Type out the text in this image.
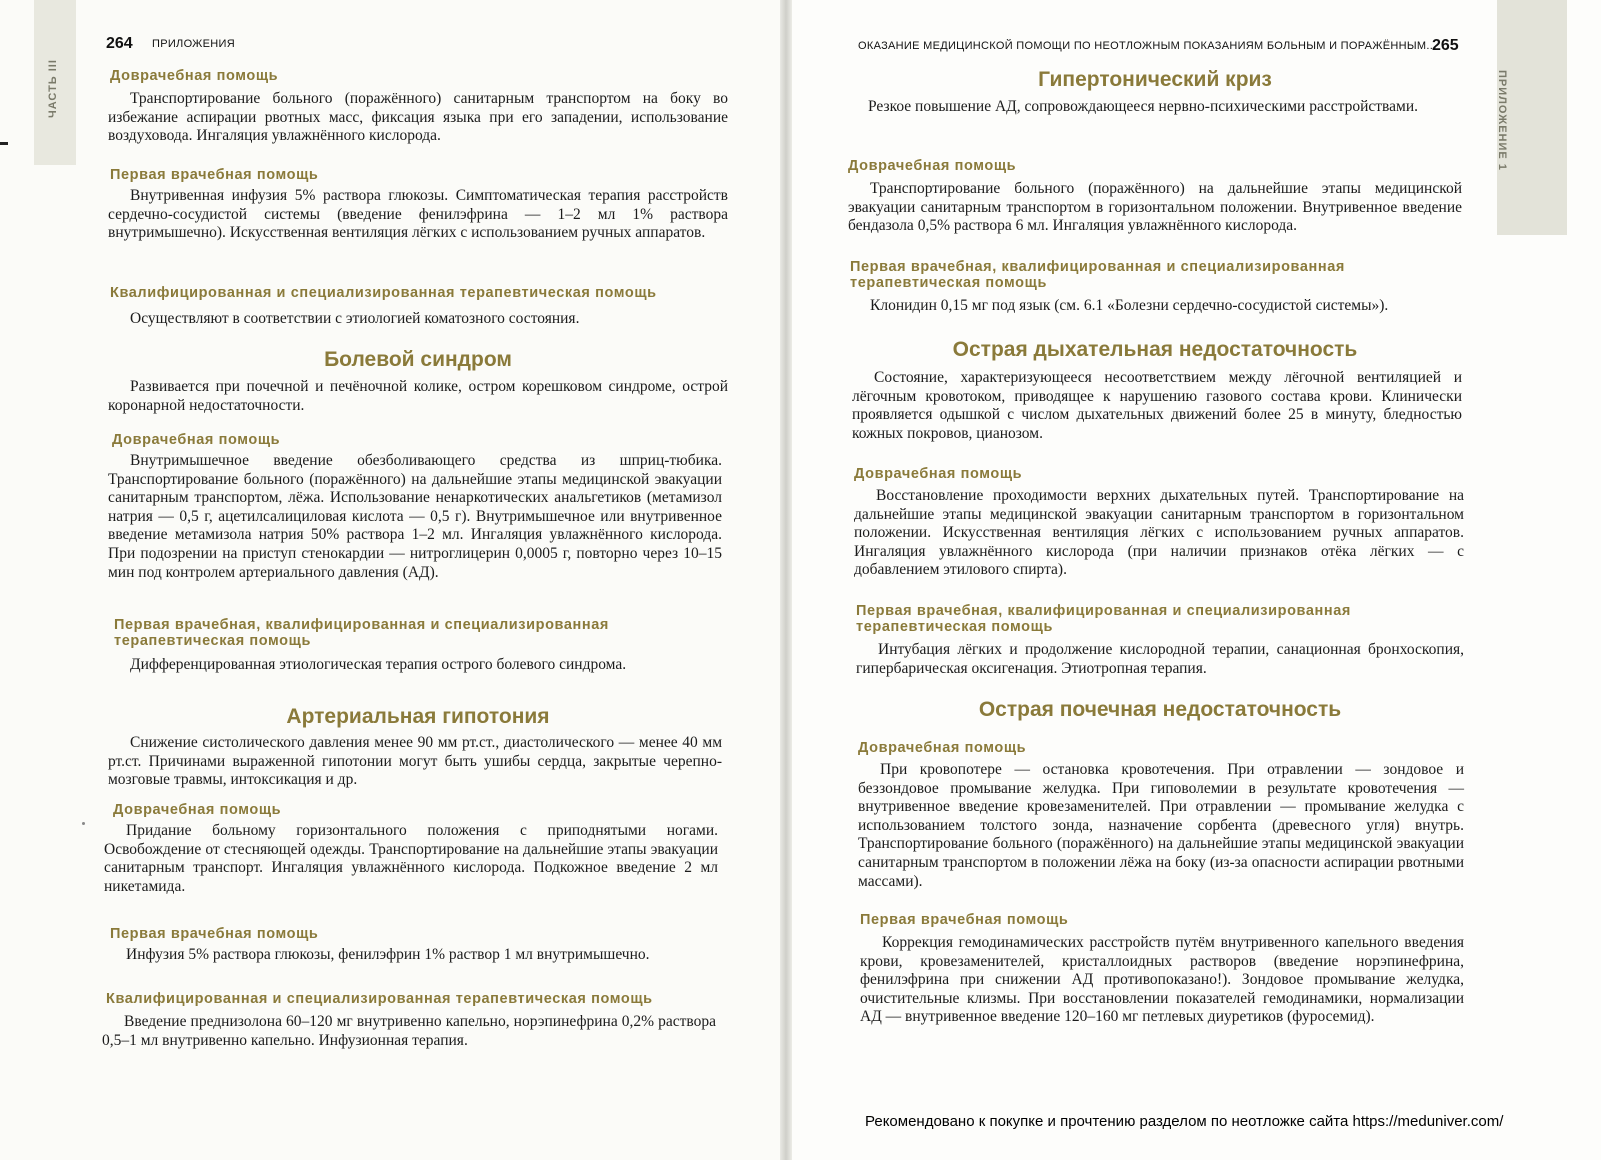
ЧАСТЬ III
264 ПРИЛОЖЕНИЯ
Доврачебная помощь
Транспортирование больного (поражённого) санитарным транспортом на боку во избежание аспирации рвотных масс, фиксация языка при его западении, использование воздуховода. Ингаляция увлажнённого кислорода.
Первая врачебная помощь
Внутривенная инфузия 5% раствора глюкозы. Симптоматическая терапия расстройств сердечно-сосудистой системы (введение фенилэфрина — 1–2 мл 1% раствора внутримышечно). Искусственная вентиляция лёгких с использованием ручных аппаратов.
Квалифицированная и специализированная терапевтическая помощь
Осуществляют в соответствии с этиологией коматозного состояния.
Болевой синдром
Развивается при почечной и печёночной колике, остром корешковом синдроме, острой коронарной недостаточности.
Доврачебная помощь
Внутримышечное введение обезболивающего средства из шприц-тюбика. Транспортирование больного (поражённого) на дальнейшие этапы медицинской эвакуации санитарным транспортом, лёжа. Использование ненаркотических анальгетиков (метамизол натрия — 0,5 г, ацетилсалициловая кислота — 0,5 г). Внутримышечное или внутривенное введение метамизола натрия 50% раствора 1–2 мл. Ингаляция увлажнённого кислорода. При подозрении на приступ стенокардии — нитроглицерин 0,0005 г, повторно через 10–15 мин под контролем артериального давления (АД).
Первая врачебная, квалифицированная и специализированная терапевтическая помощь
Дифференцированная этиологическая терапия острого болевого синдрома.
Артериальная гипотония
Снижение систолического давления менее 90 мм рт.ст., диастолического — менее 40 мм рт.ст. Причинами выраженной гипотонии могут быть ушибы сердца, закрытые черепно-мозговые травмы, интоксикация и др.
Доврачебная помощь
Придание больному горизонтального положения с приподнятыми ногами. Освобождение от стесняющей одежды. Транспортирование на дальнейшие этапы эвакуации санитарным транспорт. Ингаляция увлажнённого кислорода. Подкожное введение 2 мл никетамида.
Первая врачебная помощь
Инфузия 5% раствора глюкозы, фенилэфрин 1% раствор 1 мл внутримышечно.
Квалифицированная и специализированная терапевтическая помощь
Введение преднизолона 60–120 мг внутривенно капельно, норэпинефрина 0,2% раствора 0,5–1 мл внутривенно капельно. Инфузионная терапия.
ПРИЛОЖЕНИЕ 1
ОКАЗАНИЕ МЕДИЦИНСКОЙ ПОМОЩИ ПО НЕОТЛОЖНЫМ ПОКАЗАНИЯМ БОЛЬНЫМ И ПОРАЖЁННЫМ...
265
Гипертонический криз
Резкое повышение АД, сопровождающееся нервно-психическими расстройствами.
Доврачебная помощь
Транспортирование больного (поражённого) на дальнейшие этапы медицинской эвакуации санитарным транспортом в горизонтальном положении. Внутривенное введение бендазола 0,5% раствора 6 мл. Ингаляция увлажнённого кислорода.
Первая врачебная, квалифицированная и специализированная терапевтическая помощь
Клонидин 0,15 мг под язык (см. 6.1 «Болезни сердечно-сосудистой системы»).
Острая дыхательная недостаточность
Состояние, характеризующееся несоответствием между лёгочной вентиляцией и лёгочным кровотоком, приводящее к нарушению газового состава крови. Клинически проявляется одышкой с числом дыхательных движений более 25 в минуту, бледностью кожных покровов, цианозом.
Доврачебная помощь
Восстановление проходимости верхних дыхательных путей. Транспортирование на дальнейшие этапы медицинской эвакуации санитарным транспортом в горизонтальном положении. Искусственная вентиляция лёгких с использованием ручных аппаратов. Ингаляция увлажнённого кислорода (при наличии признаков отёка лёгких — с добавлением этилового спирта).
Первая врачебная, квалифицированная и специализированная терапевтическая помощь
Интубация лёгких и продолжение кислородной терапии, санационная бронхоскопия, гипербарическая оксигенация. Этиотропная терапия.
Острая почечная недостаточность
Доврачебная помощь
При кровопотере — остановка кровотечения. При отравлении — зондовое и беззондовое промывание желудка. При гиповолемии в результате кровотечения — внутривенное введение кровезаменителей. При отравлении — промывание желудка с использованием толстого зонда, назначение сорбента (древесного угля) внутрь. Транспортирование больного (поражённого) на дальнейшие этапы медицинской эвакуации санитарным транспортом в положении лёжа на боку (из-за опасности аспирации рвотными массами).
Первая врачебная помощь
Коррекция гемодинамических расстройств путём внутривенного капельного введения крови, кровезаменителей, кристаллоидных растворов (введение норэпинефрина, фенилэфрина при снижении АД противопоказано!). Зондовое промывание желудка, очистительные клизмы. При восстановлении показателей гемодинамики, нормализации АД — внутривенное введение 120–160 мг петлевых диуретиков (фуросемид).
Рекомендовано к покупке и прочтению разделом по неотложке сайта https://meduniver.com/
